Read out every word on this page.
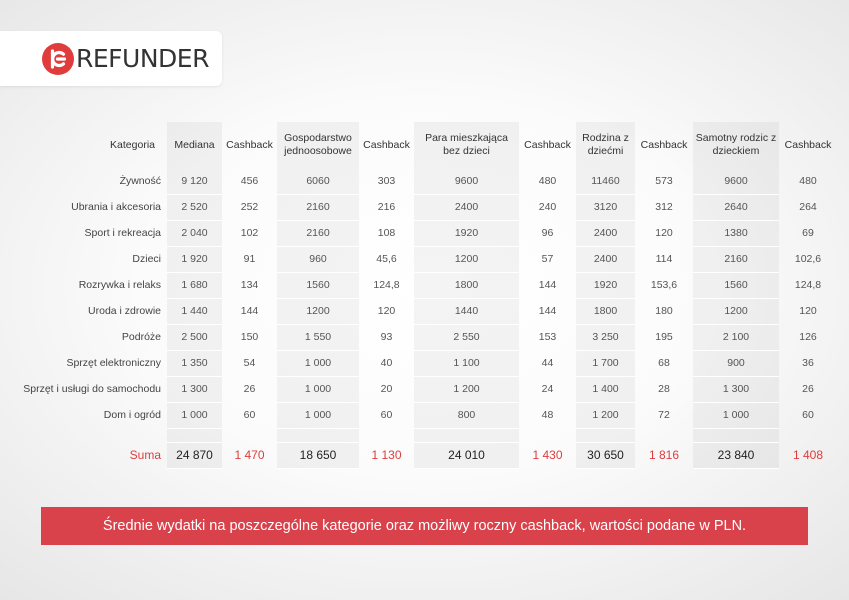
REFUNDER
Kategoria	Mediana	Cashback	Gospodarstwo jednoosobowe	Cashback	Para mieszkająca bez dzieci	Cashback	Rodzina z dziećmi	Cashback	Samotny rodzic z dzieckiem	Cashback
Żywność	9 120	456	6060	303	9600	480	11460	573	9600	480
Ubrania i akcesoria	2 520	252	2160	216	2400	240	3120	312	2640	264
Sport i rekreacja	2 040	102	2160	108	1920	96	2400	120	1380	69
Dzieci	1 920	91	960	45,6	1200	57	2400	114	2160	102,6
Rozrywka i relaks	1 680	134	1560	124,8	1800	144	1920	153,6	1560	124,8
Uroda i zdrowie	1 440	144	1200	120	1440	144	1800	180	1200	120
Podróże	2 500	150	1 550	93	2 550	153	3 250	195	2 100	126
Sprzęt elektroniczny	1 350	54	1 000	40	1 100	44	1 700	68	900	36
Sprzęt i usługi do samochodu	1 300	26	1 000	20	1 200	24	1 400	28	1 300	26
Dom i ogród	1 000	60	1 000	60	800	48	1 200	72	1 000	60

Suma	24 870	1 470	18 650	1 130	24 010	1 430	30 650	1 816	23 840	1 408
Średnie wydatki na poszczególne kategorie oraz możliwy roczny cashback, wartości podane w PLN.
